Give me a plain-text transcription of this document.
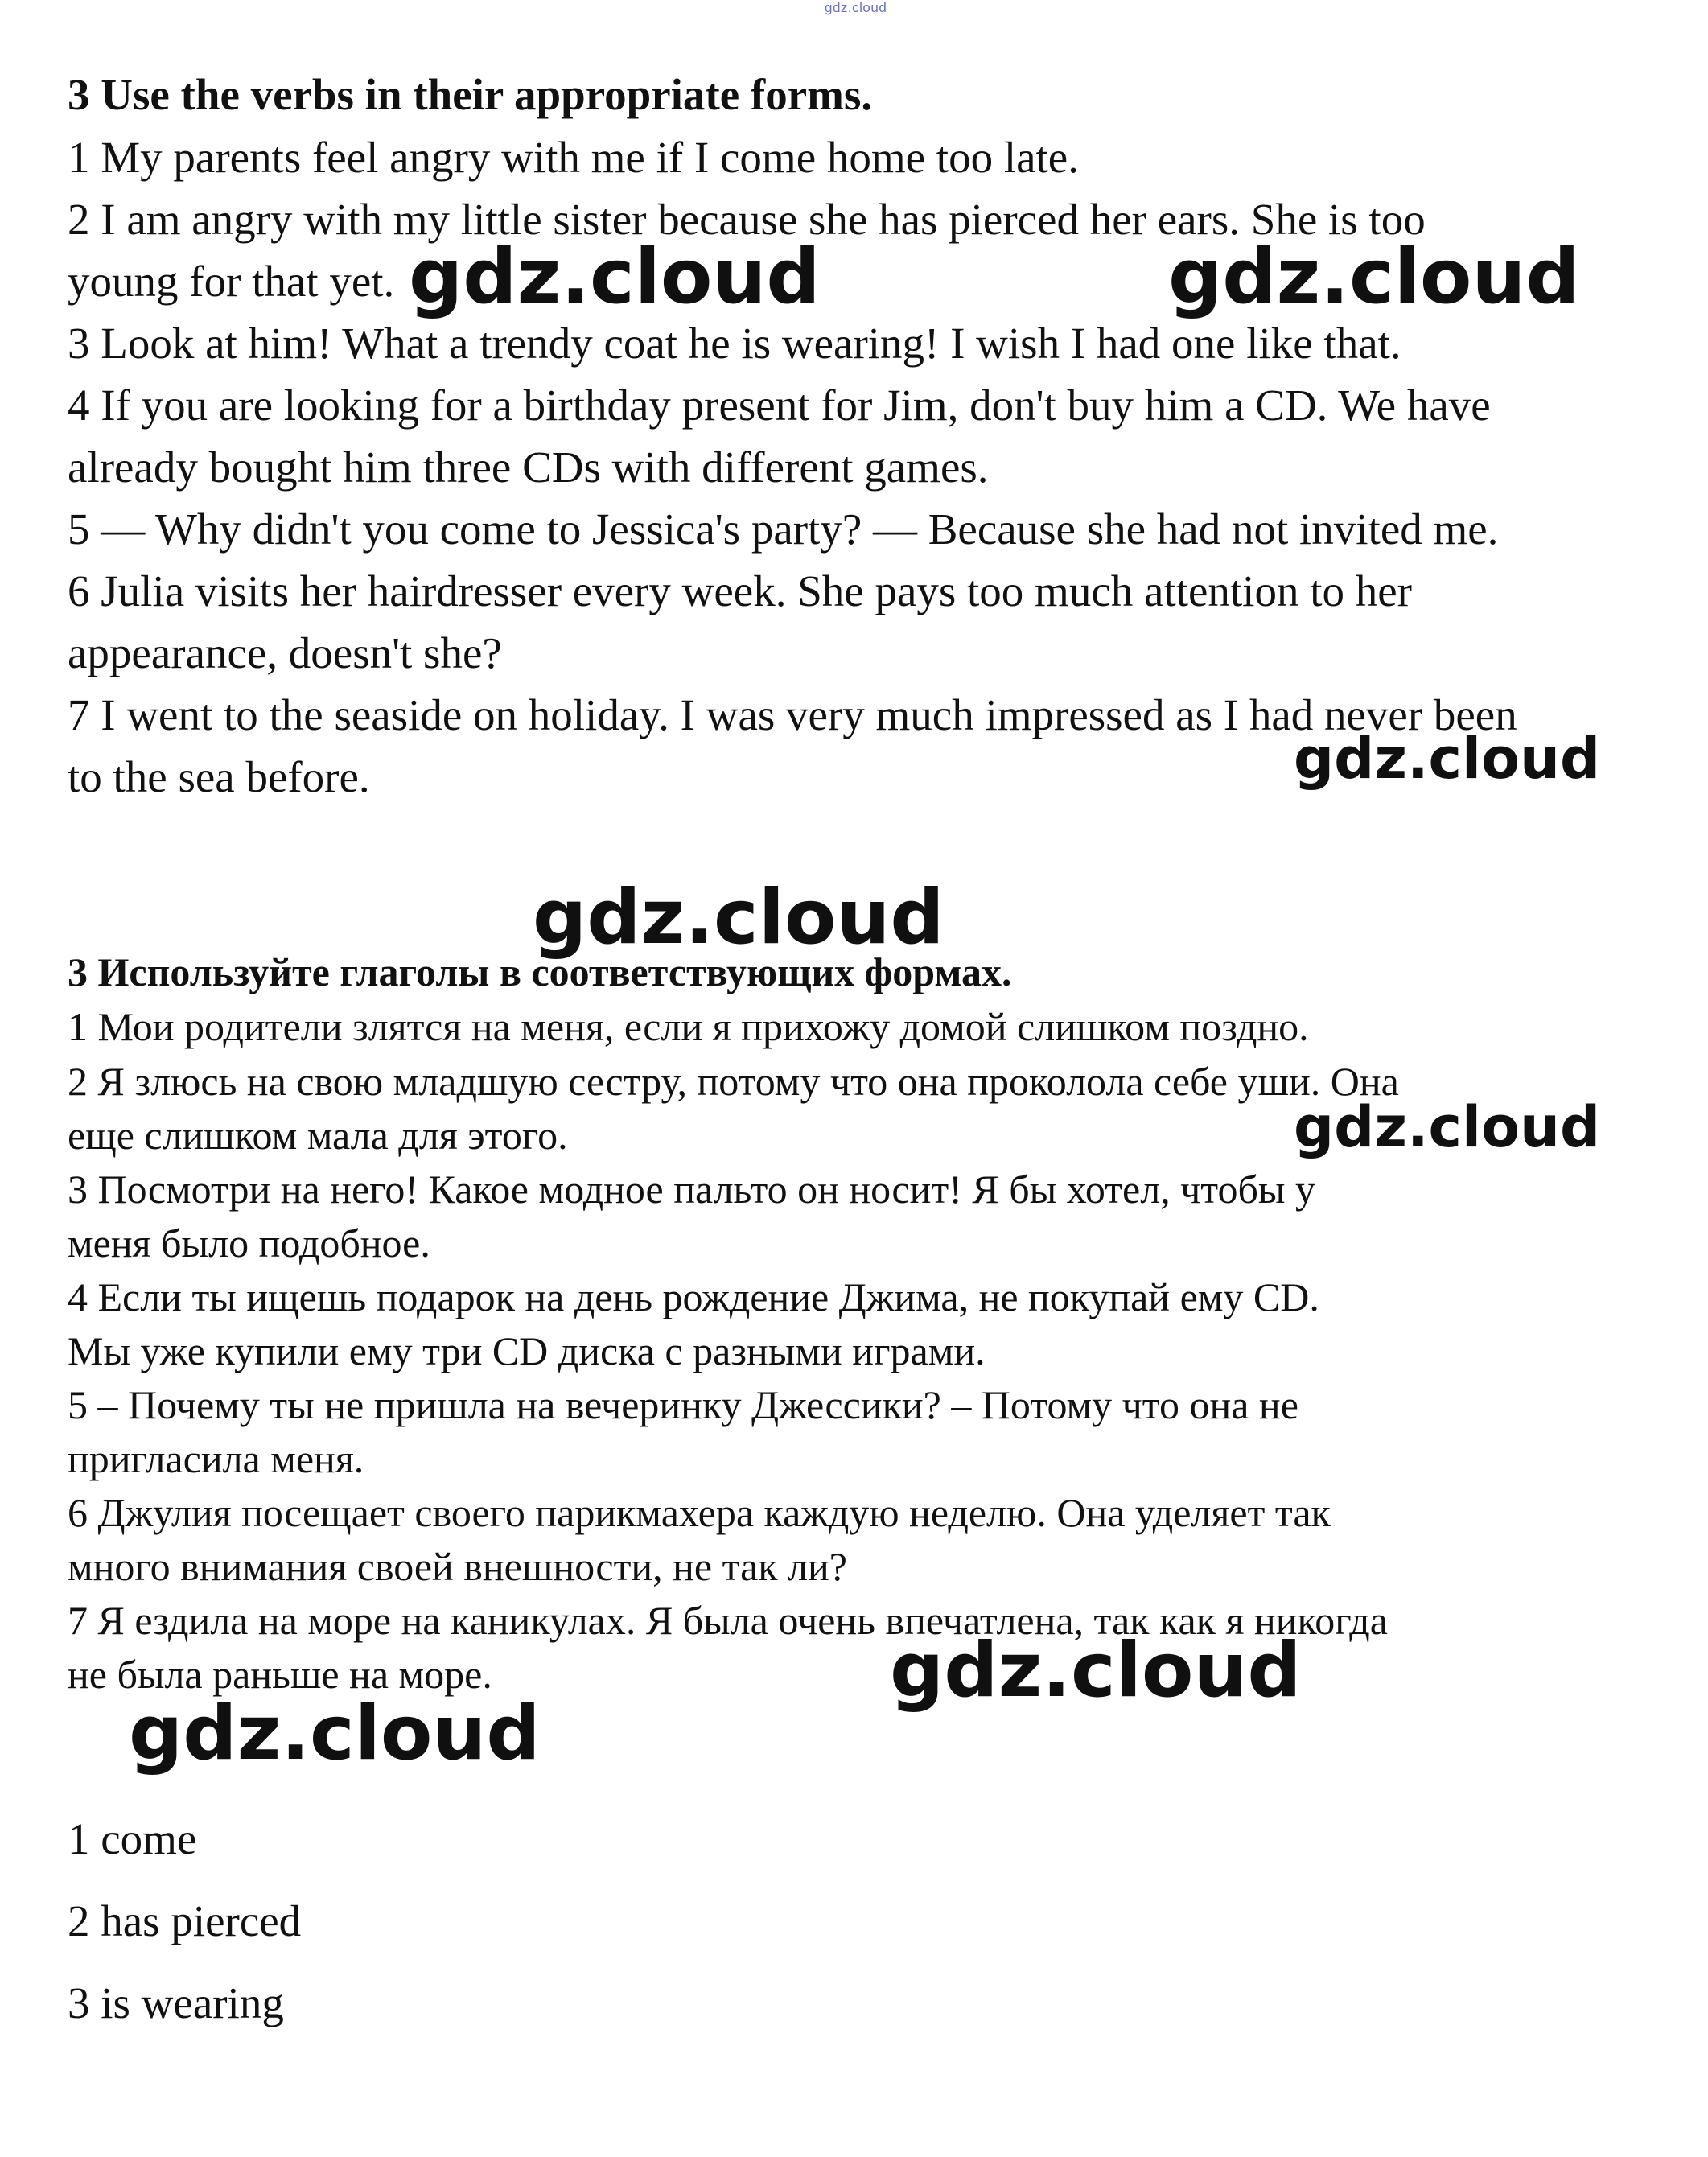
gdz.cloud
3 Use the verbs in their appropriate forms.
1 My parents feel angry with me if I come home too late.
2 I am angry with my little sister because she has pierced her ears. She is too
young for that yet.
3 Look at him! What a trendy coat he is wearing! I wish I had one like that.
4 If you are looking for a birthday present for Jim, don't buy him a CD. We have
already bought him three CDs with different games.
5 — Why didn't you come to Jessica's party? — Because she had not invited me.
6 Julia visits her hairdresser every week. She pays too much attention to her
appearance, doesn't she?
7 I went to the seaside on holiday. I was very much impressed as I had never been
to the sea before.
3 Используйте глаголы в соответствующих формах.
1 Мои родители злятся на меня, если я прихожу домой слишком поздно.
2 Я злюсь на свою младшую сестру, потому что она проколола себе уши. Она
еще слишком мала для этого.
3 Посмотри на него! Какое модное пальто он носит! Я бы хотел, чтобы у
меня было подобное.
4 Если ты ищешь подарок на день рождение Джима, не покупай ему CD.
Мы уже купили ему три CD диска с разными играми.
5 – Почему ты не пришла на вечеринку Джессики? – Потому что она не
пригласила меня.
6 Джулия посещает своего парикмахера каждую неделю. Она уделяет так
много внимания своей внешности, не так ли?
7 Я ездила на море на каникулах. Я была очень впечатлена, так как я никогда
не была раньше на море.
1 come
2 has pierced
3 is wearing
gdz.cloud	gdz.cloud
gdz.cloud
gdz.cloud
gdz.cloud
gdz.cloud
gdz.cloud
